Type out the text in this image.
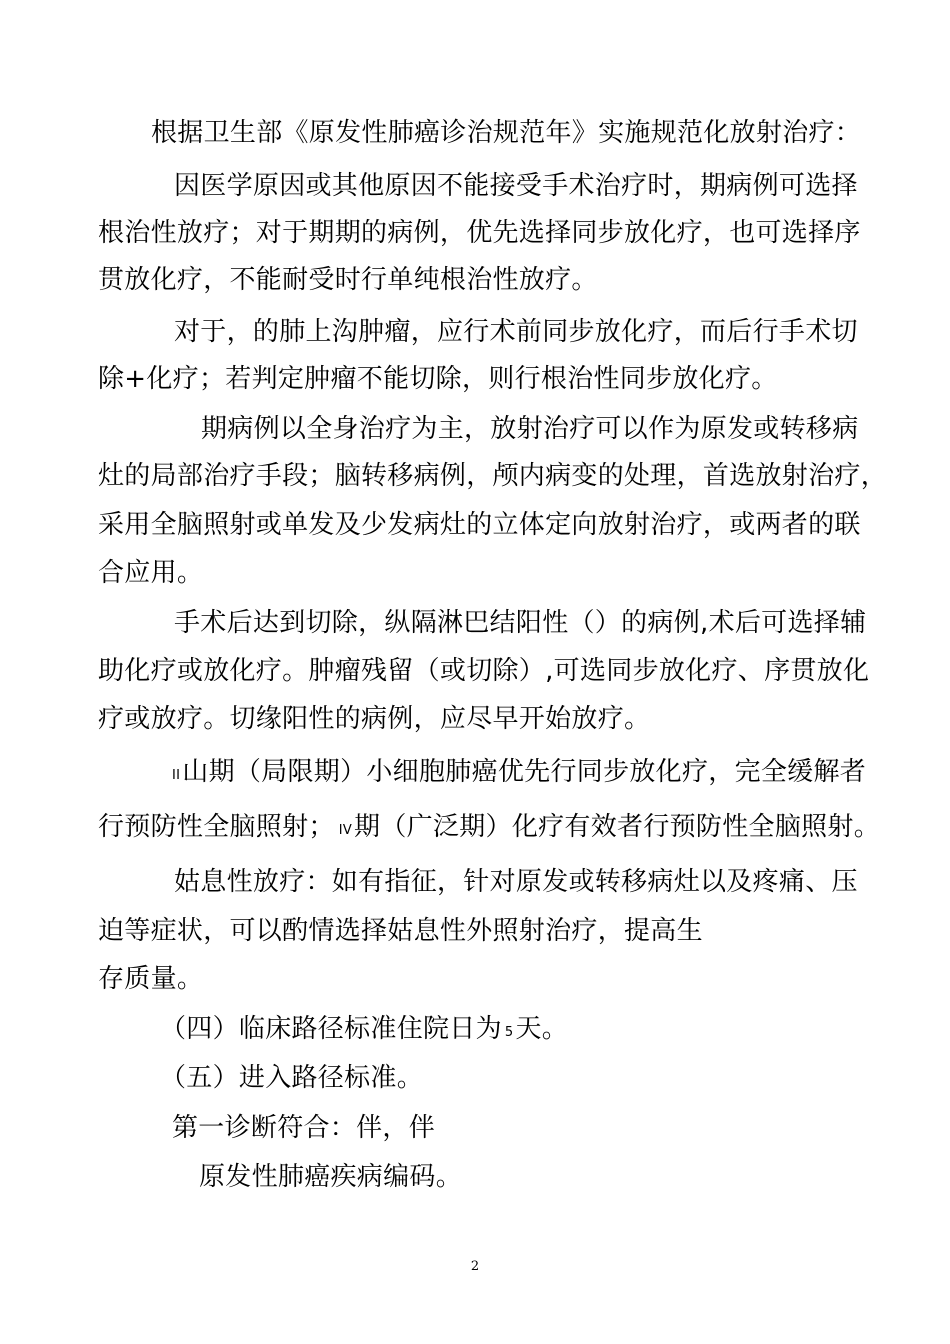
根据卫生部《原发性肺癌诊治规范年》实施规范化放射治疗：
因医学原因或其他原因不能接受手术治疗时，期病例可选择
根治性放疗；对于期期的病例，优先选择同步放化疗，也可选择序
贯放化疗，不能耐受时行单纯根治性放疗。
对于，的肺上沟肿瘤，应行术前同步放化疗，而后行手术切
除+化疗；若判定肿瘤不能切除，则行根治性同步放化疗。
期病例以全身治疗为主，放射治疗可以作为原发或转移病
灶的局部治疗手段；脑转移病例，颅内病变的处理，首选放射治疗，
采用全脑照射或单发及少发病灶的立体定向放射治疗，或两者的联
合应用。
手术后达到切除，纵隔淋巴结阳性（）的病例,术后可选择辅
助化疗或放化疗。肿瘤残留（或切除）,可选同步放化疗、序贯放化
疗或放疗。切缘阳性的病例，应尽早开始放疗。
II山期（局限期）小细胞肺癌优先行同步放化疗，完全缓解者
行预防性全脑照射； IV期（广泛期）化疗有效者行预防性全脑照射。
姑息性放疗：如有指征，针对原发或转移病灶以及疼痛、压
迫等症状，可以酌情选择姑息性外照射治疗，提高生
存质量。
（四）临床路径标准住院日为 5天。
（五）进入路径标准。
第一诊断符合：伴，伴
原发性肺癌疾病编码。
2
